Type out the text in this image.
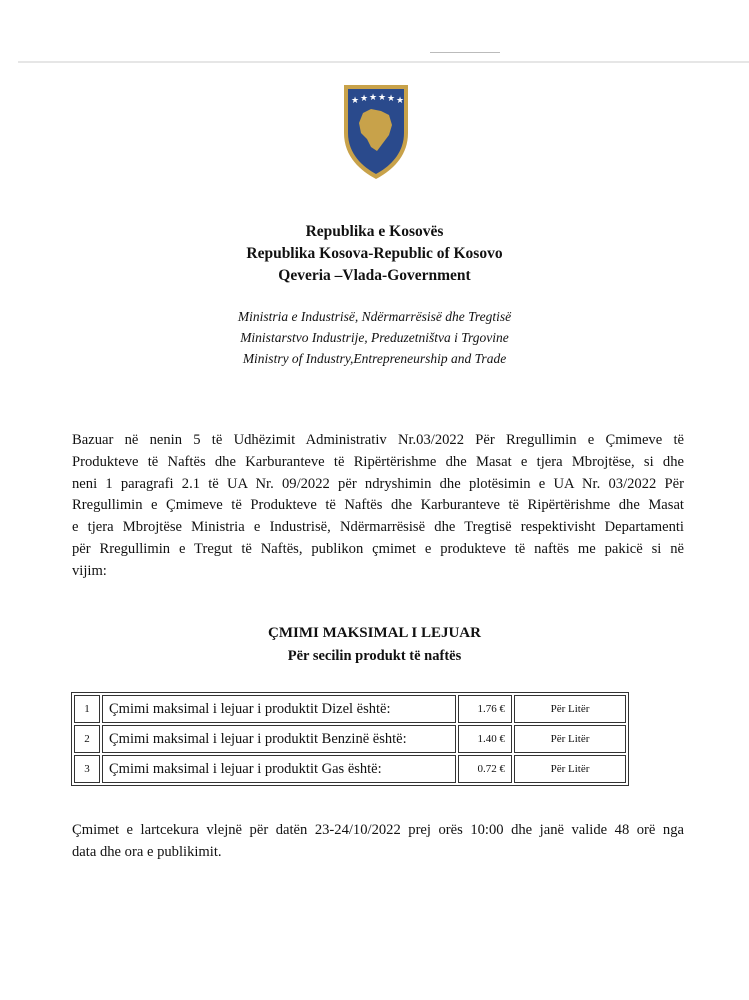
★ ★ ★ ★ ★ ★
Republika e Kosovës
Republika Kosova-Republic of Kosovo
Qeveria –Vlada-Government
Ministria e Industrisë, Ndërmarrësisë dhe Tregtisë
Ministarstvo Industrije, Preduzetništva i Trgovine
Ministry of Industry,Entrepreneurship and Trade
Bazuar në nenin 5 të Udhëzimit Administrativ Nr.03/2022 Për Rregullimin e Çmimeve të
Produkteve të Naftës dhe Karburanteve të Ripërtërishme dhe Masat e tjera Mbrojtëse, si dhe
neni 1 paragrafi 2.1 të UA Nr. 09/2022 për ndryshimin dhe plotësimin e UA Nr. 03/2022 Për
Rregullimin e Çmimeve të Produkteve të Naftës dhe Karburanteve të Ripërtërishme dhe Masat
e tjera Mbrojtëse Ministria e Industrisë, Ndërmarrësisë dhe Tregtisë respektivisht Departamenti
për Rregullimin e Tregut të Naftës, publikon çmimet e produkteve të naftës me pakicë si në
vijim:
ÇMIMI MAKSIMAL I LEJUAR
Për secilin produkt të naftës
1	Çmimi maksimal i lejuar i produktit Dizel është:	1.76 €	Për Litër
2	Çmimi maksimal i lejuar i produktit Benzinë është:	1.40 €	Për Litër
3	Çmimi maksimal i lejuar i produktit Gas është:	0.72 €	Për Litër
Çmimet e lartcekura vlejnë për datën 23-24/10/2022 prej orës 10:00 dhe janë valide 48 orë nga
data dhe ora e publikimit.
